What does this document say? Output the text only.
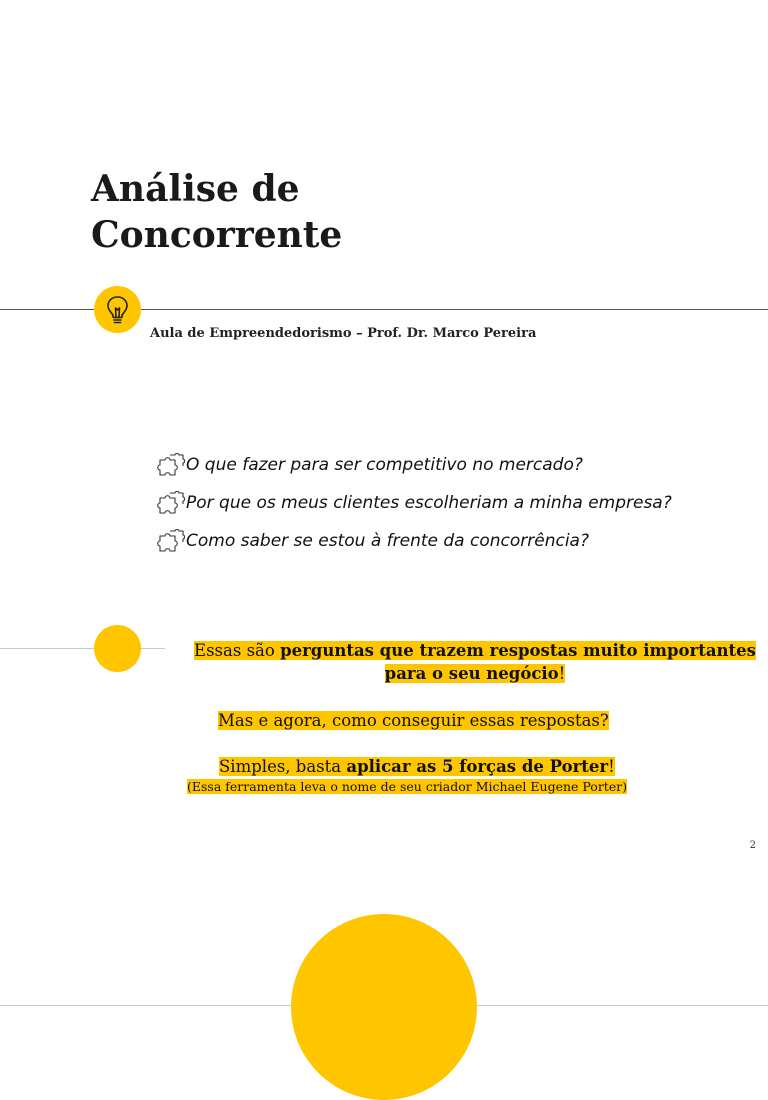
Análise de
Concorrente
Aula de Empreendedorismo – Prof. Dr. Marco Pereira
O que fazer para ser competitivo no mercado?
Por que os meus clientes escolheriam a minha empresa?
Como saber se estou à frente da concorrência?
Essas são perguntas que trazem respostas muito importantes
para o seu negócio!
Mas e agora, como conseguir essas respostas?
Simples, basta aplicar as 5 forças de Porter!
(Essa ferramenta leva o nome de seu criador Michael Eugene Porter)
2
